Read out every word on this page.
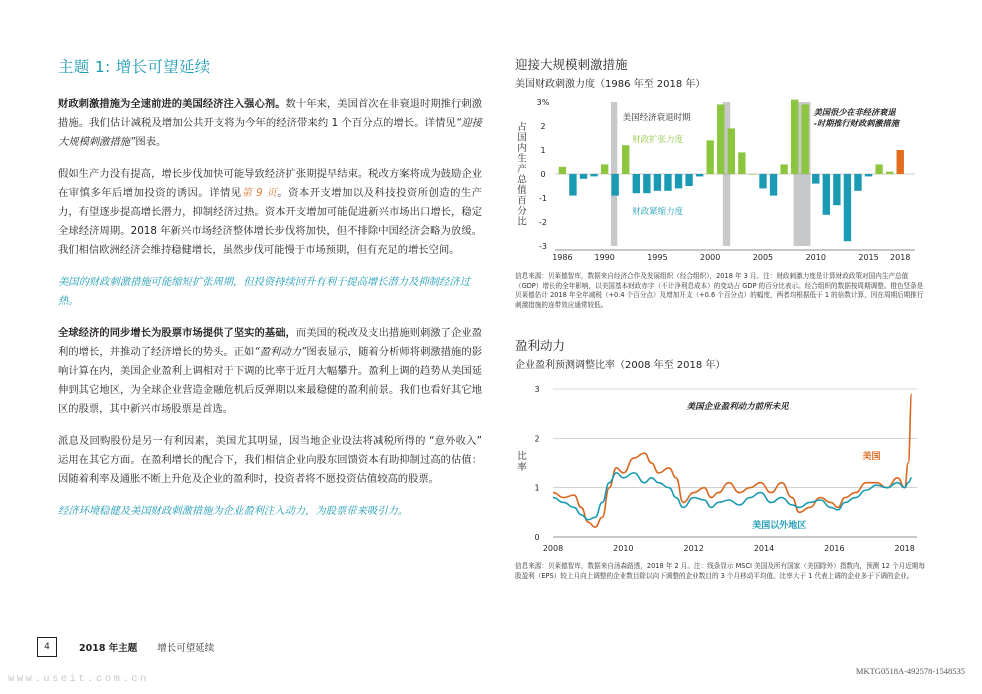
主题 1: 增长可望延续

财政刺激措施为全速前进的美国经济注入强心剂。数十年来，美国首次在非衰退时期推行刺激措施。我们估计减税及增加公共开支将为今年的经济带来约 1 个百分点的增长。详情见“迎接大规模刺激措施”图表。

假如生产力没有提高，增长步伐加快可能导致经济扩张期提早结束。税改方案将成为鼓励企业在审慎多年后增加投资的诱因。详情见第 9 页。资本开支增加以及科技投资所创造的生产力，有望逐步提高增长潜力，抑制经济过热。资本开支增加可能促进新兴市场出口增长，稳定全球经济周期。2018 年新兴市场经济整体增长步伐将加快，但不排除中国经济会略为放缓。我们相信欧洲经济会维持稳健增长，虽然步伐可能慢于市场预期，但有充足的增长空间。

美国的财政刺激措施可能缩短扩张周期，但投资持续回升有利于提高增长潜力及抑制经济过热。

全球经济的同步增长为股票市场提供了坚实的基础，而美国的税改及支出措施则刺激了企业盈利的增长，并推动了经济增长的势头。正如“盈利动力”图表显示，随着分析师将刺激措施的影响计算在内，美国企业盈利上调相对于下调的比率于近月大幅攀升。盈利上调的趋势从美国延伸到其它地区，为全球企业营造金融危机后反弹期以来最稳健的盈利前景。我们也看好其它地区的股票，其中新兴市场股票是首选。

派息及回购股份是另一有利因素，美国尤其明显，因当地企业设法将减税所得的 “意外收入” 运用在其它方面。在盈利增长的配合下，我们相信企业向股东回馈资本有助抑制过高的估值：因随着利率及通胀不断上升危及企业的盈利时，投资者将不愿投资估值较高的股票。

经济环境稳健及美国财政刺激措施为企业盈利注入动力，为股票带来吸引力。

迎接大规模刺激措施
美国财政刺激力度（1986 年至 2018 年）
3%
2
1
0
-1
-2
-3
占
国
内
生
产
总
值
百
分
比
1986	1990	1995	2000	2005	2010	2015 2018
美国经济衰退时期
财政扩张力度
财政紧缩力度
美国很少在非经济衰退
-时期推行财政刺激措施
信息来源：贝莱德智库，数据来自经济合作及发展组织（经合组织），2018 年 3 月。注：财政刺激力度是计算财政政策对国内生产总值（GDP）增长的全年影响，以美国基本财政赤字（不计净利息成本）的变动占 GDP 的百分比表示。经合组织的数据按周期调整。橙色竖条是贝莱德估计 2018 年全年减税（+0.4 个百分点）及增加开支（+0.6 个百分点）的幅度，两者均根据低于 1 的倍数计算，因在周期后期推行刺激措施的连带效应通常较低。
盈利动力
企业盈利预测调整比率（2008 年至 2018 年）
3
2
1
0
比
率
2008	2010	2012	2014	2016	2018
美国企业盈利动力前所未见
美国
美国以外地区
信息来源：贝莱德智库，数据来自汤森路透，2018 年 2 月。注：线条显示 MSCI 美国及所有国家（美国除外）指数内，预测 12 个月近期每股盈利（EPS）较上月向上调整的企业数目除以向下调整的企业数目的 3 个月移动平均值。比率大于 1 代表上调的企业多于下调的企业。
4	2018 年主题 增长可望延续
MKTG0518A-492578-1548535
www.useit.com.cn
